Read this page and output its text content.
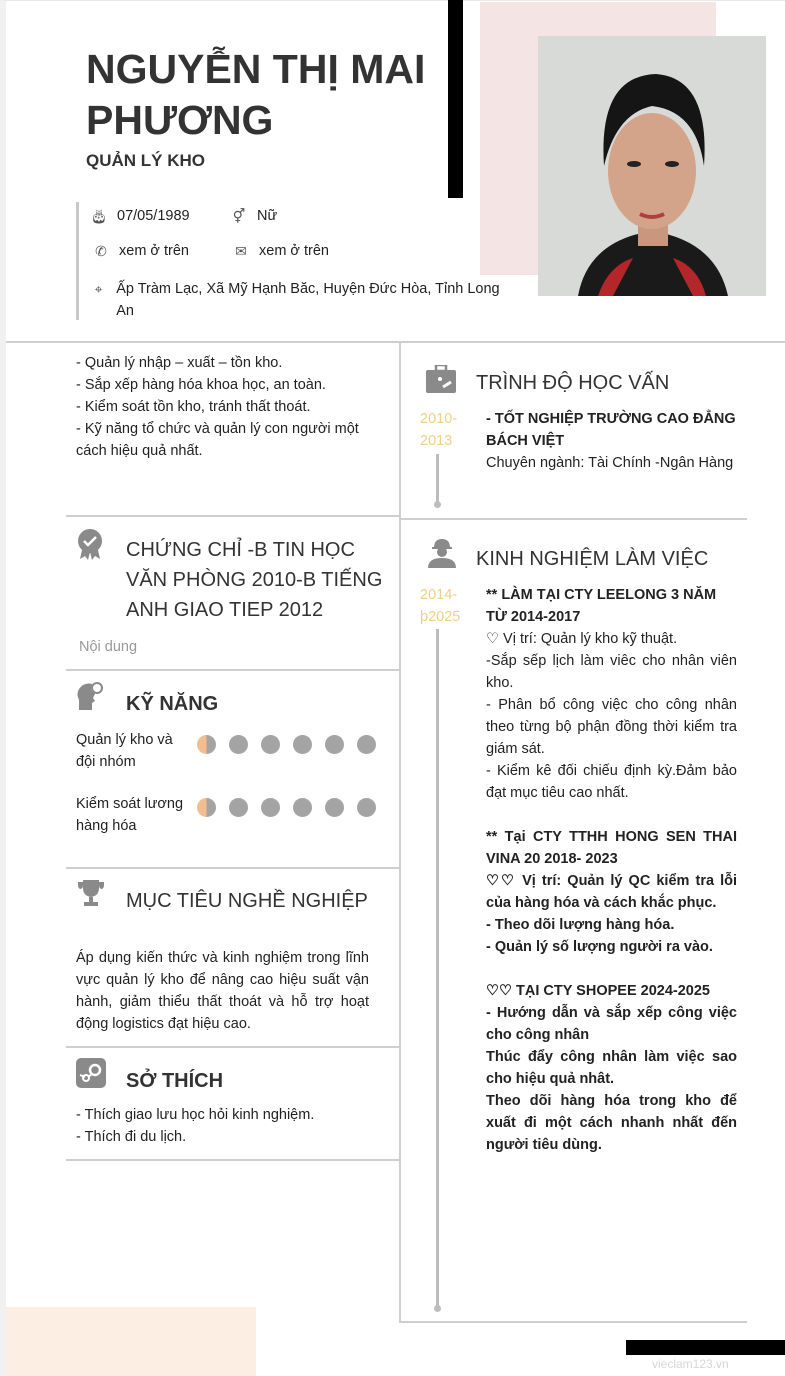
NGUYỄN THỊ MAI PHƯƠNG
QUẢN LÝ KHO
🎂︎ 07/05/1989	⚥ Nữ
✆ xem ở trên	✉ xem ở trên
⌖ Ấp Tràm Lạc, Xã Mỹ Hạnh Băc, Huyện Đức Hòa, Tỉnh Long An
- Quản lý nhập – xuất – tồn kho.
- Sắp xếp hàng hóa khoa học, an toàn.
- Kiểm soát tồn kho, tránh thất thoát.
- Kỹ năng tổ chức và quản lý con người một cách hiệu quả nhất.
CHỨNG CHỈ -B TIN HỌC VĂN PHÒNG 2010-B TIẾNG ANH GIAO TIEP 2012
Nội dung
KỸ NĂNG
Quản lý kho và đội nhóm
Kiểm soát lương hàng hóa
MỤC TIÊU NGHỀ NGHIỆP
Áp dụng kiến thức và kinh nghiệm trong lĩnh vực quản lý kho để nâng cao hiệu suất vận hành, giảm thiểu thất thoát và hỗ trợ hoạt động logistics đạt hiệu cao.
SỞ THÍCH
- Thích giao lưu học hỏi kinh nghiệm.
- Thích đi du lịch.
TRÌNH ĐỘ HỌC VẤN
2010-
2013
- TỐT NGHIỆP TRƯỜNG CAO ĐẲNG BÁCH VIỆT
Chuyên ngành: Tài Chính -Ngân Hàng
KINH NGHIỆM LÀM VIỆC
2014-
þ2025
** LÀM TẠI CTY LEELONG 3 NĂM TỪ 2014-2017
♡ Vị trí: Quản lý kho kỹ thuật.
-Sắp sếp lịch làm viêc cho nhân viên kho.
- Phân bổ công việc cho công nhân theo từng bộ phận đồng thời kiểm tra giám sát.
- Kiểm kê đối chiếu định kỳ.Đảm bảo đạt mục tiêu cao nhất.
** Tại CTY TTHH HONG SEN THAI VINA 20 2018- 2023
♡♡ Vị trí: Quản lý QC kiểm tra lỗi của hàng hóa và cách khắc phục.
- Theo dõi lượng hàng hóa.
- Quản lý số lượng người ra vào.
♡♡ TẠI CTY SHOPEE 2024-2025
- Hướng dẫn và sắp xếp công việc cho công nhân
Thúc đẩy công nhân làm việc sao cho hiệu quả nhât.
Theo dõi hàng hóa trong kho để xuất đi một cách nhanh nhất đến người tiêu dùng.
vieclam123.vn
